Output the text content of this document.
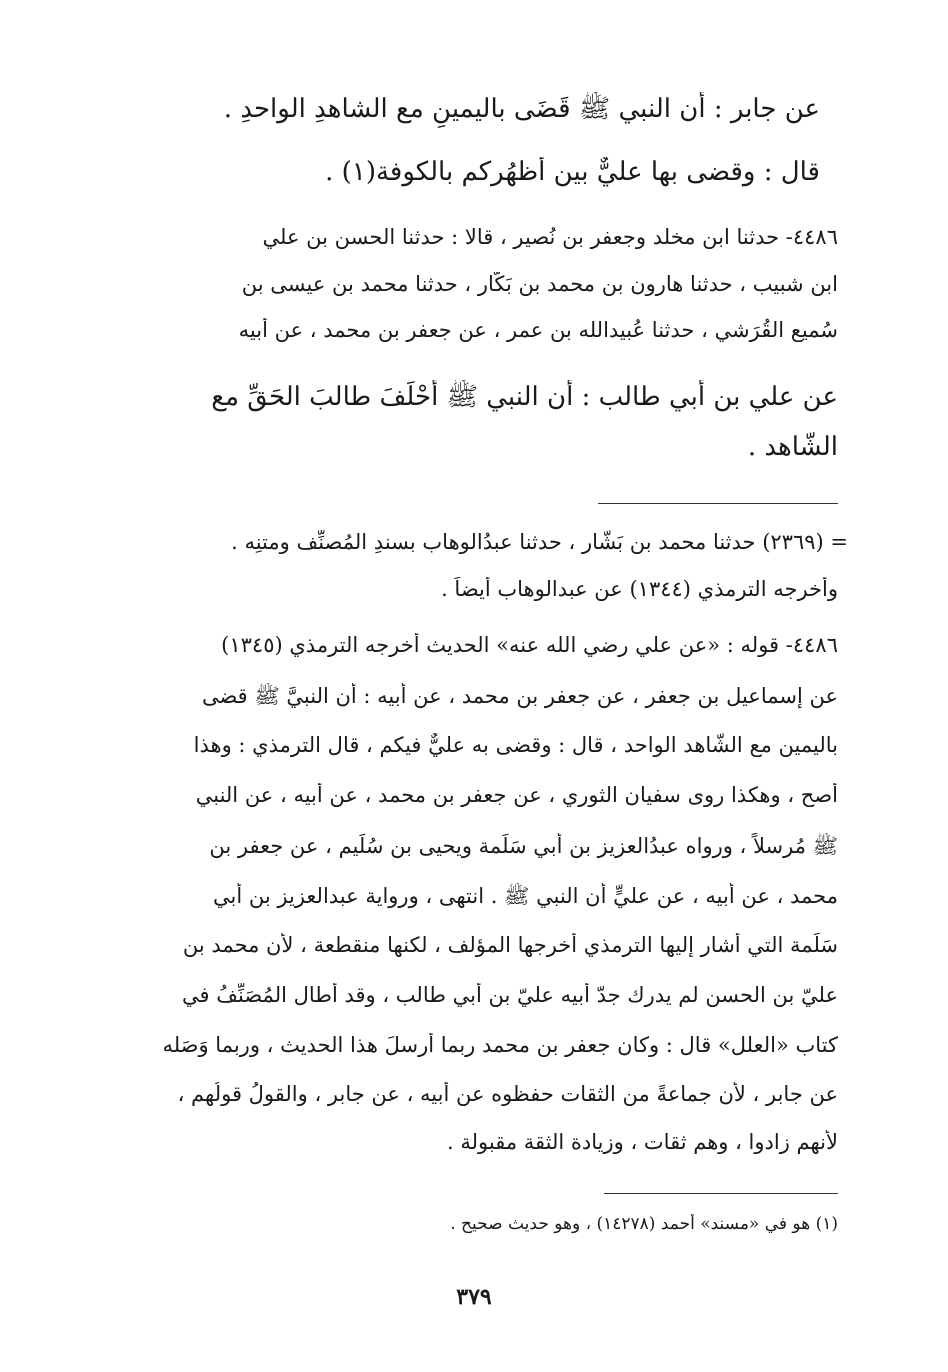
عن جابر : أن النبي ﷺ قَضَى باليمينِ مع الشاهدِ الواحدِ .
قال : وقضى بها عليٌّ بين أظهُرِكم بالكوفة(١) .
٤٤٨٦- حدثنا ابن مخلد وجعفر بن نُصير ، قالا : حدثنا الحسن بن علي
ابن شبيب ، حدثنا هارون بن محمد بن بَكّار ، حدثنا محمد بن عيسى بن
سُميع القُرَشي ، حدثنا عُبيدالله بن عمر ، عن جعفر بن محمد ، عن أبيه
عن علي بن أبي طالب : أن النبي ﷺ أحْلَفَ طالبَ الحَقِّ مع
الشّاهد .
= (٢٣٦٩) حدثنا محمد بن بَشّار ، حدثنا عبدُالوهاب بسندِ المُصنِّف ومتنِه .
وأخرجه الترمذي (١٣٤٤) عن عبدالوهاب أيضاً .
٤٤٨٦- قوله : «عن علي رضي الله عنه» الحديث أخرجه الترمذي (١٣٤٥)
عن إسماعيل بن جعفر ، عن جعفر بن محمد ، عن أبيه : أن النبيَّ ﷺ قضى
باليمين مع الشّاهد الواحد ، قال : وقضى به عليٌّ فيكم ، قال الترمذي : وهذا
أصح ، وهكذا روى سفيان الثوري ، عن جعفر بن محمد ، عن أبيه ، عن النبي
ﷺ مُرسلاً ، ورواه عبدُالعزيز بن أبي سَلَمة ويحيى بن سُلَيم ، عن جعفر بن
محمد ، عن أبيه ، عن عليٍّ أن النبي ﷺ . انتهى ، ورواية عبدالعزيز بن أبي
سَلَمة التي أشار إليها الترمذي أخرجها المؤلف ، لكنها منقطعة ، لأن محمد بن
عليّ بن الحسن لم يدرك جدّ أبيه عليّ بن أبي طالب ، وقد أطال المُصَنِّفُ في
كتاب «العلل» قال : وكان جعفر بن محمد ربما أرسلَ هذا الحديث ، وربما وَصَله
عن جابر ، لأن جماعةً من الثقات حفظوه عن أبيه ، عن جابر ، والقولُ قولُهم ،
لأنهم زادوا ، وهم ثقات ، وزيادة الثقة مقبولة .
(١) هو في «مسند» أحمد (١٤٢٧٨) ، وهو حديث صحيح .
٣٧٩
